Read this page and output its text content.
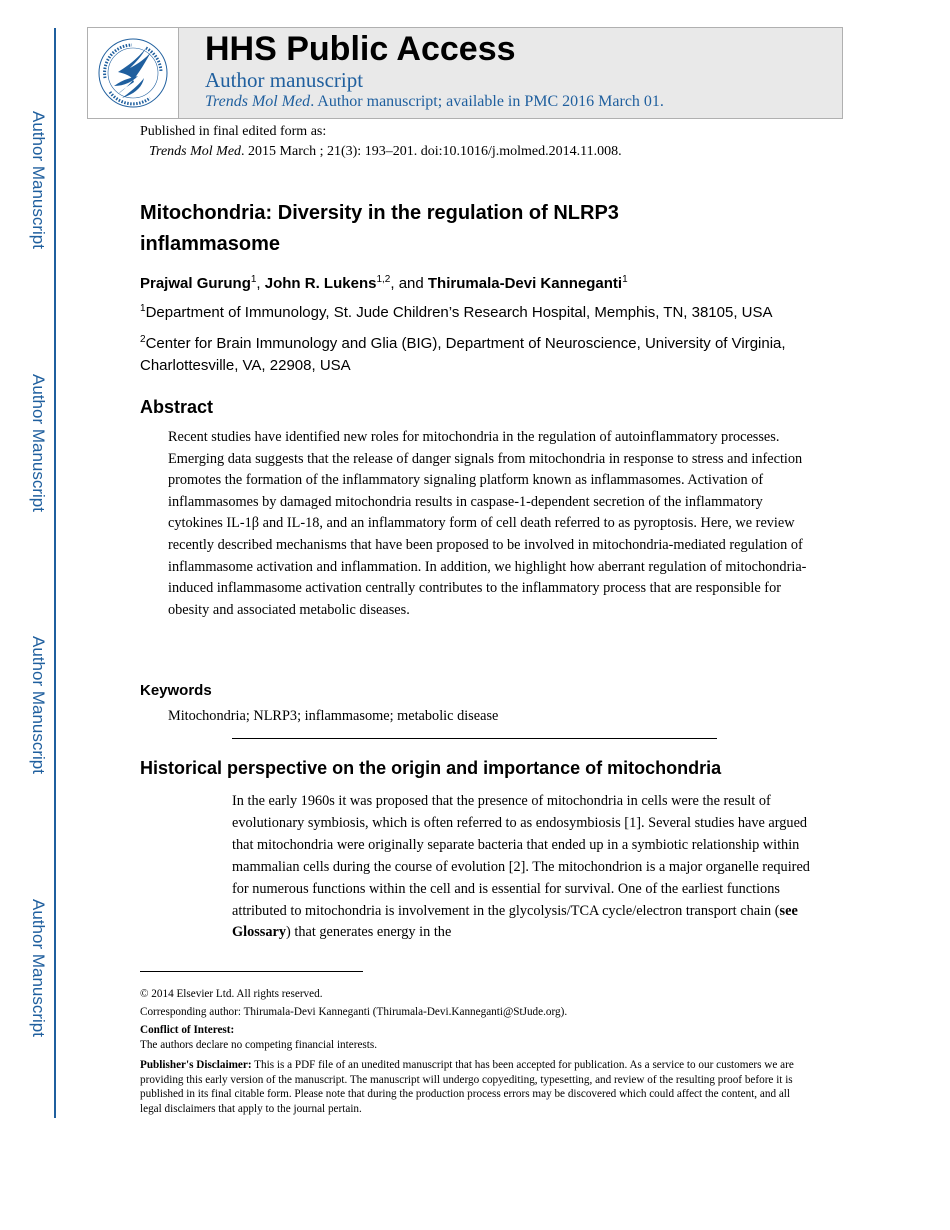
Author Manuscript
Author Manuscript
Author Manuscript
Author Manuscript
HHS Public Access
Author manuscript
Trends Mol Med. Author manuscript; available in PMC 2016 March 01.
Published in final edited form as:
Trends Mol Med. 2015 March ; 21(3): 193–201. doi:10.1016/j.molmed.2014.11.008.
Mitochondria: Diversity in the regulation of NLRP3
inflammasome
Prajwal Gurung$^1$, John R. Lukens$^{1,2}$, and Thirumala-Devi Kanneganti$^1$
$^1$Department of Immunology, St. Jude Children’s Research Hospital, Memphis, TN, 38105, USA
$^2$Center for Brain Immunology and Glia (BIG), Department of Neuroscience, University of Virginia, Charlottesville, VA, 22908, USA
Abstract
Recent studies have identified new roles for mitochondria in the regulation of autoinflammatory processes. Emerging data suggests that the release of danger signals from mitochondria in response to stress and infection promotes the formation of the inflammatory signaling platform known as inflammasomes. Activation of inflammasomes by damaged mitochondria results in caspase-1-dependent secretion of the inflammatory cytokines IL-1β and IL-18, and an inflammatory form of cell death referred to as pyroptosis. Here, we review recently described mechanisms that have been proposed to be involved in mitochondria-mediated regulation of inflammasome activation and inflammation. In addition, we highlight how aberrant regulation of mitochondria-induced inflammasome activation centrally contributes to the inflammatory process that are responsible for obesity and associated metabolic diseases.
Keywords
Mitochondria; NLRP3; inflammasome; metabolic disease
Historical perspective on the origin and importance of mitochondria
In the early 1960s it was proposed that the presence of mitochondria in cells were the result of evolutionary symbiosis, which is often referred to as endosymbiosis [1]. Several studies have argued that mitochondria were originally separate bacteria that ended up in a symbiotic relationship within mammalian cells during the course of evolution [2]. The mitochondrion is a major organelle required for numerous functions within the cell and is essential for survival. One of the earliest functions attributed to mitochondria is involvement in the glycolysis/TCA cycle/electron transport chain (see Glossary) that generates energy in the
© 2014 Elsevier Ltd. All rights reserved.
Corresponding author: Thirumala-Devi Kanneganti (Thirumala-Devi.Kanneganti@StJude.org).
Conflict of Interest:
The authors declare no competing financial interests.
Publisher's Disclaimer: This is a PDF file of an unedited manuscript that has been accepted for publication. As a service to our customers we are providing this early version of the manuscript. The manuscript will undergo copyediting, typesetting, and review of the resulting proof before it is published in its final citable form. Please note that during the production process errors may be discovered which could affect the content, and all legal disclaimers that apply to the journal pertain.
